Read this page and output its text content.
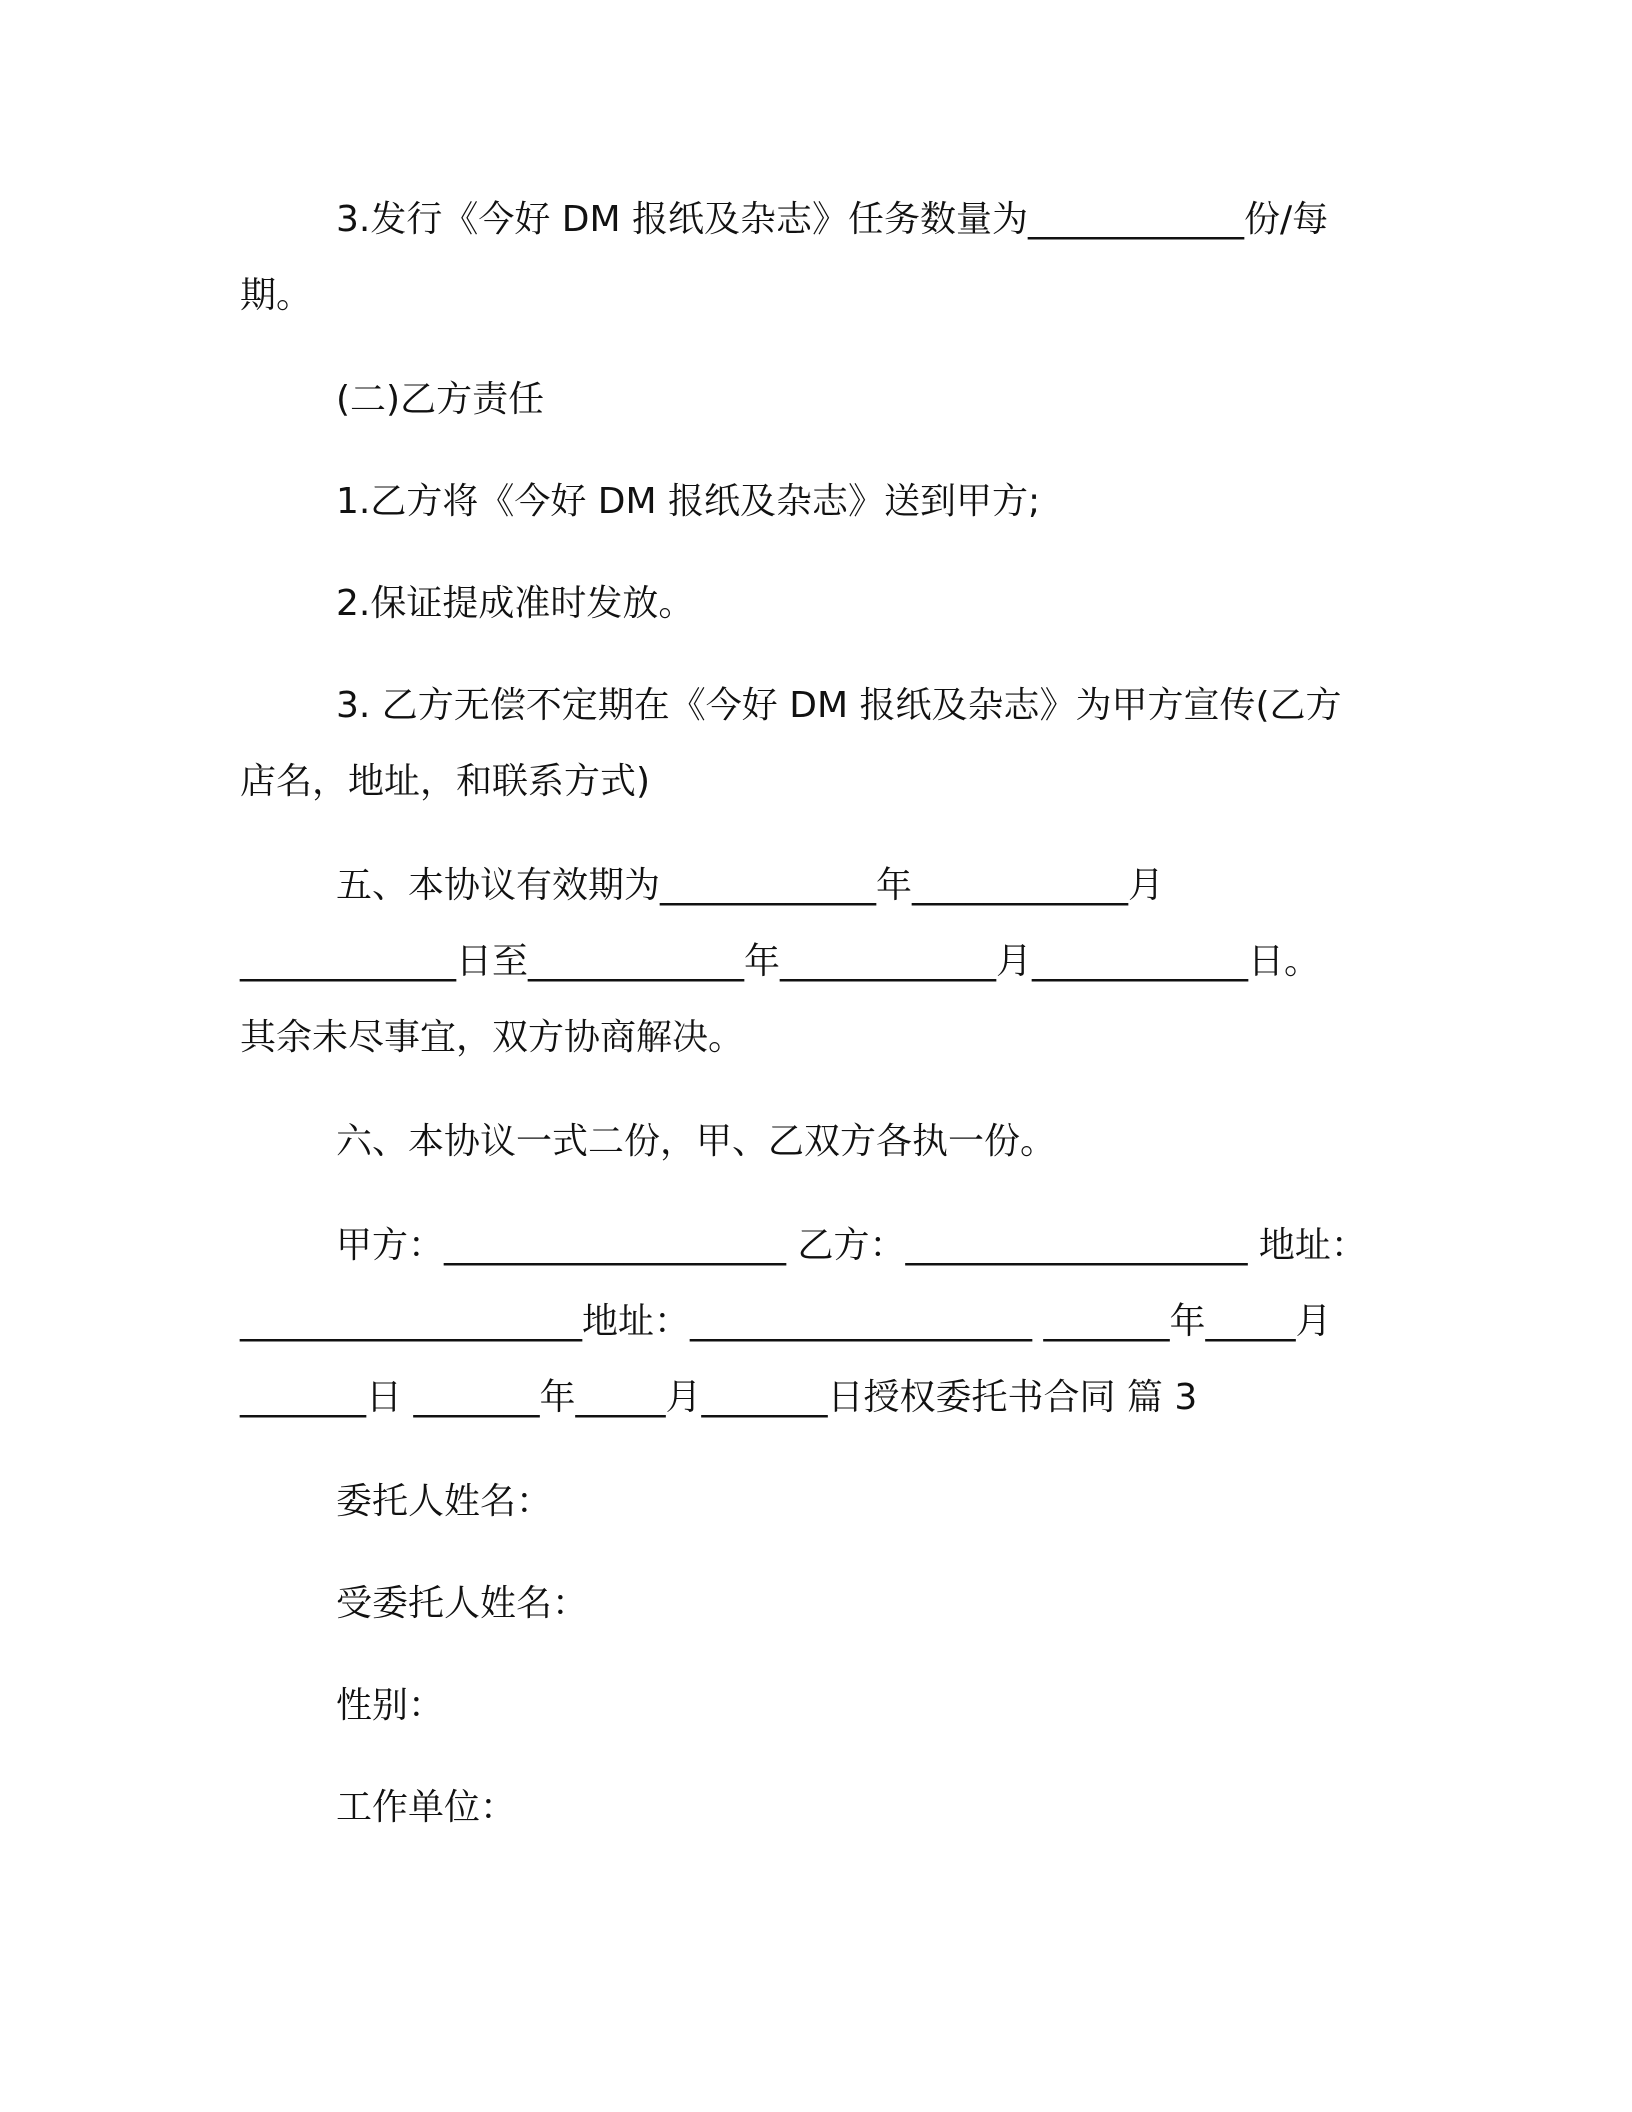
3.发行《今好 DM 报纸及杂志》任务数量为____________份/每
期。
(二)乙方责任
1.乙方将《今好 DM 报纸及杂志》送到甲方;
2.保证提成准时发放。
3. 乙方无偿不定期在《今好 DM 报纸及杂志》为甲方宣传(乙方
店名，地址，和联系方式)
五、本协议有效期为____________年____________月
____________日至____________年____________月____________日。
其余未尽事宜，双方协商解决。
六、本协议一式二份，甲、乙双方各执一份。
甲方：___________________ 乙方：___________________ 地址：
___________________地址：___________________ _______年_____月
_______日 _______年_____月_______日授权委托书合同 篇 3
委托人姓名：
受委托人姓名：
性别：
工作单位：
